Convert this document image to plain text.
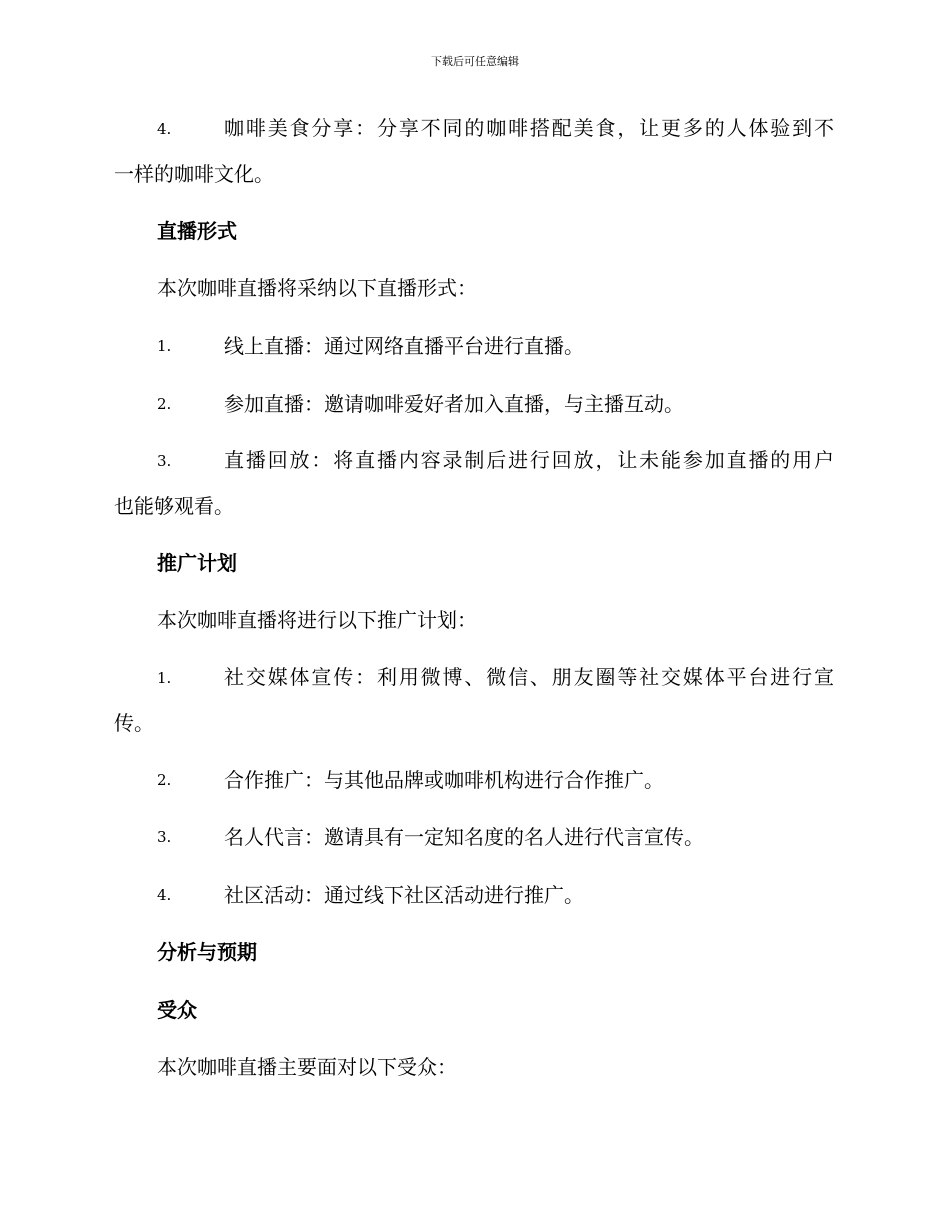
下载后可任意编辑
4.	咖啡美食分享：分享不同的咖啡搭配美食，让更多的人体验到不
一样的咖啡文化。
直播形式
本次咖啡直播将采纳以下直播形式：
1.	线上直播：通过网络直播平台进行直播。
2.	参加直播：邀请咖啡爱好者加入直播，与主播互动。
3.	直播回放：将直播内容录制后进行回放，让未能参加直播的用户
也能够观看。
推广计划
本次咖啡直播将进行以下推广计划：
1.	社交媒体宣传：利用微博、微信、朋友圈等社交媒体平台进行宣
传。
2.	合作推广：与其他品牌或咖啡机构进行合作推广。
3.	名人代言：邀请具有一定知名度的名人进行代言宣传。
4.	社区活动：通过线下社区活动进行推广。
分析与预期
受众
本次咖啡直播主要面对以下受众：
